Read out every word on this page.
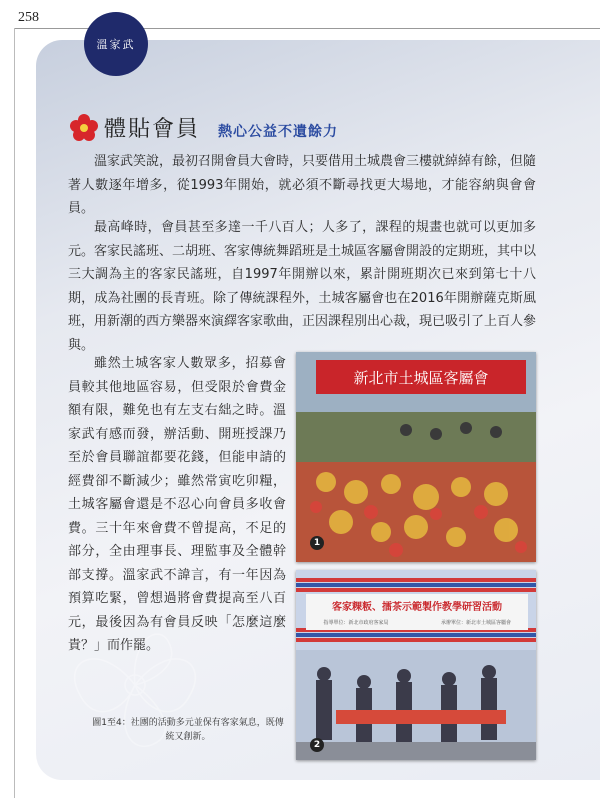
258
溫家武
體貼會員 熱心公益不遺餘力

溫家武笑說，最初召開會員大會時，只要借用土城農會三樓就綽綽有餘，但隨著人數逐年增多，從1993年開始，就必須不斷尋找更大場地，才能容納與會會員。

最高峰時，會員甚至多達一千八百人；人多了，課程的規畫也就可以更加多元。客家民謠班、二胡班、客家傳統舞蹈班是土城區客屬會開設的定期班，其中以三大調為主的客家民謠班，自1997年開辦以來，累計開班期次已來到第七十八期，成為社團的長青班。除了傳統課程外，土城客屬會也在2016年開辦薩克斯風班，用新潮的西方樂器來演繹客家歌曲，正因課程別出心裁，現已吸引了上百人參與。

雖然土城客家人數眾多，招募會員較其他地區容易，但受限於會費金額有限，難免也有左支右絀之時。溫家武有感而發，辦活動、開班授課乃至於會員聯誼都要花錢，但能申請的經費卻不斷減少；雖然常寅吃卯糧，土城客屬會還是不忍心向會員多收會費。三十年來會費不曾提高，不足的部分，全由理事長、理監事及全體幹部支撐。溫家武不諱言，有一年因為預算吃緊，曾想過將會費提高至八百元，最後因為有會員反映「怎麼這麼貴？」而作罷。

新北市土城區客屬會
1
客家粿粄、擂茶示範製作教學研習活動
指導單位：新北市政府客家局	承辦單位：新北市土城區客屬會
2
圖1至4：社團的活動多元並保有客家氣息，既傳統又創新。
